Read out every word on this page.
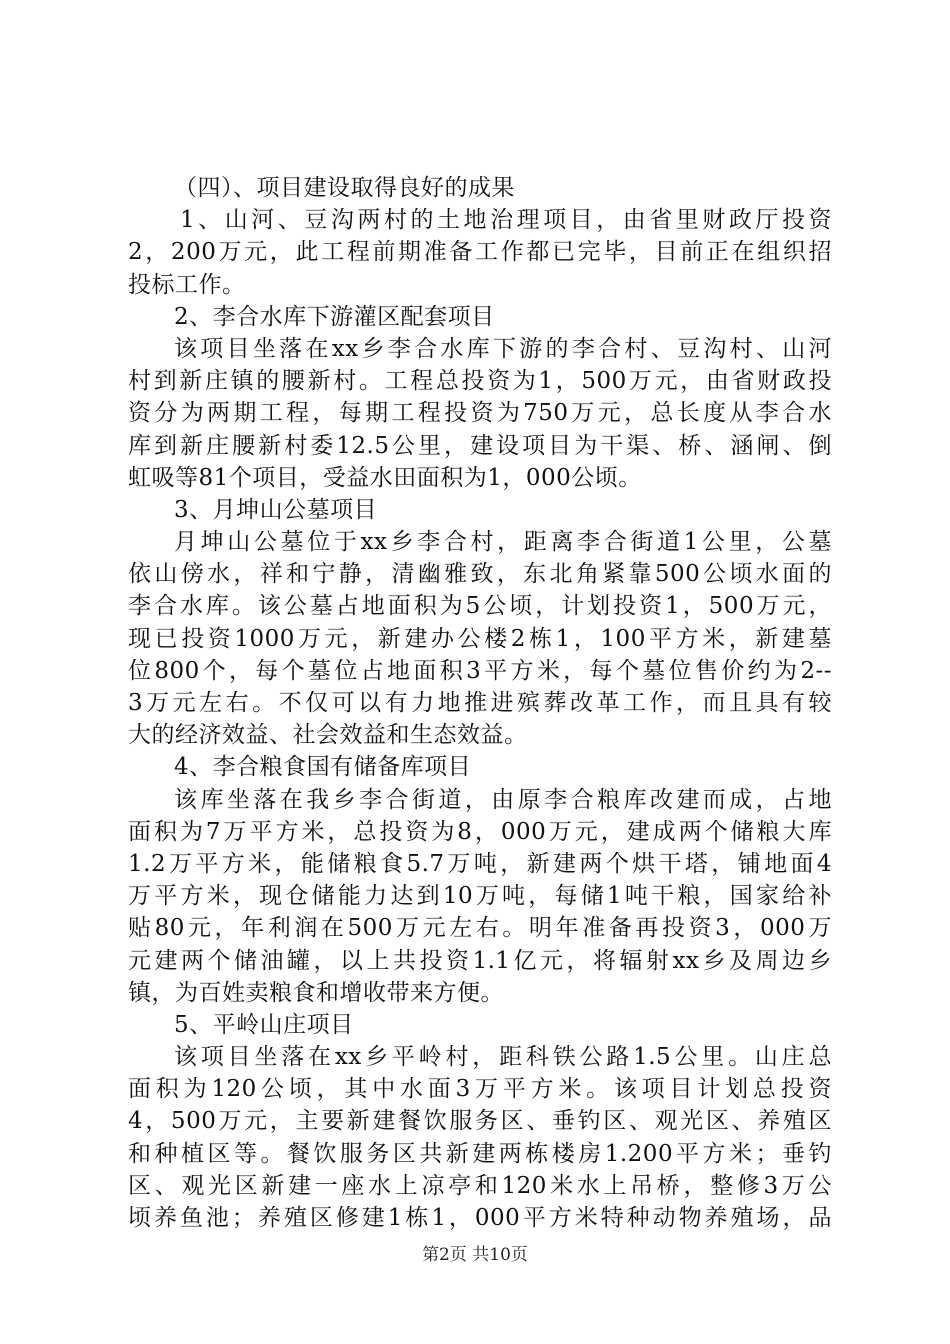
（四）、项目建设取得良好的成果
1、山河、豆沟两村的土地治理项目，由省里财政厅投资
2，200万元，此工程前期准备工作都已完毕，目前正在组织招
投标工作。
2、李合水库下游灌区配套项目
该项目坐落在xx乡李合水库下游的李合村、豆沟村、山河
村到新庄镇的腰新村。工程总投资为1，500万元，由省财政投
资分为两期工程，每期工程投资为750万元，总长度从李合水
库到新庄腰新村委12.5公里，建设项目为干渠、桥、涵闸、倒
虹吸等81个项目，受益水田面积为1，000公顷。
3、月坤山公墓项目
月坤山公墓位于xx乡李合村，距离李合街道1公里，公墓
依山傍水，祥和宁静，清幽雅致，东北角紧靠500公顷水面的
李合水库。该公墓占地面积为5公顷，计划投资1，500万元，
现已投资1000万元，新建办公楼2栋1，100平方米，新建墓
位800个，每个墓位占地面积3平方米，每个墓位售价约为2--
3万元左右。不仅可以有力地推进殡葬改革工作，而且具有较
大的经济效益、社会效益和生态效益。
4、李合粮食国有储备库项目
该库坐落在我乡李合街道，由原李合粮库改建而成，占地
面积为7万平方米，总投资为8，000万元，建成两个储粮大库
1.2万平方米，能储粮食5.7万吨，新建两个烘干塔，铺地面4
万平方米，现仓储能力达到10万吨，每储1吨干粮，国家给补
贴80元，年利润在500万元左右。明年准备再投资3，000万
元建两个储油罐，以上共投资1.1亿元，将辐射xx乡及周边乡
镇，为百姓卖粮食和增收带来方便。
5、平岭山庄项目
该项目坐落在xx乡平岭村，距科铁公路1.5公里。山庄总
面积为120公顷，其中水面3万平方米。该项目计划总投资
4，500万元，主要新建餐饮服务区、垂钓区、观光区、养殖区
和种植区等。餐饮服务区共新建两栋楼房1.200平方米；垂钓
区、观光区新建一座水上凉亭和120米水上吊桥，整修3万公
顷养鱼池；养殖区修建1栋1，000平方米特种动物养殖场，品
第2页 共10页
